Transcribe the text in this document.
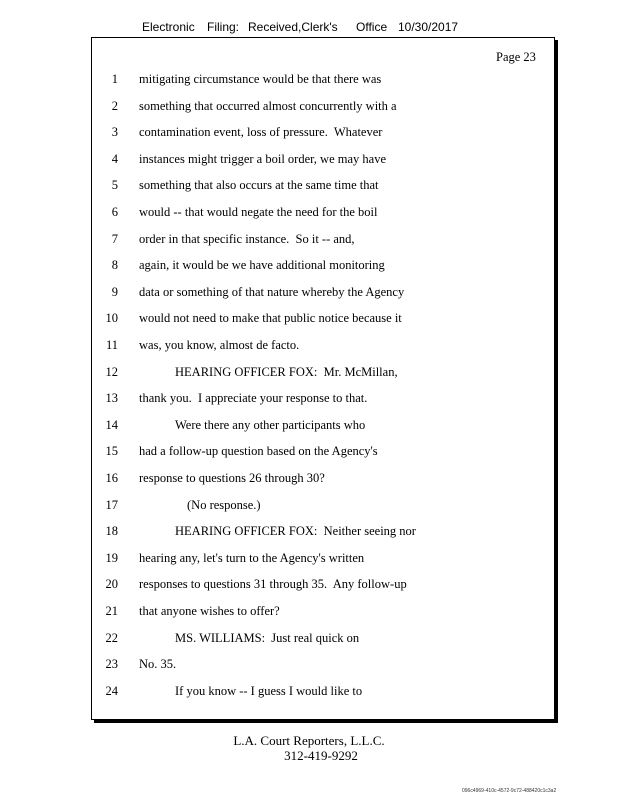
Electronic

Filing:

Received,Clerk's

Office

10/30/2017

Page 23
1 mitigating circumstance would be that there was
2 something that occurred almost concurrently with a
3 contamination event, loss of pressure.  Whatever
4 instances might trigger a boil order, we may have
5 something that also occurs at the same time that
6 would -- that would negate the need for the boil
7 order in that specific instance.  So it -- and,
8 again, it would be we have additional monitoring
9 data or something of that nature whereby the Agency
10 would not need to make that public notice because it
11 was, you know, almost de facto.
12	HEARING OFFICER FOX:  Mr. McMillan,
13 thank you.  I appreciate your response to that.
14	Were there any other participants who
15 had a follow-up question based on the Agency's
16 response to questions 26 through 30?
17	(No response.)
18	HEARING OFFICER FOX:  Neither seeing nor
19 hearing any, let's turn to the Agency's written
20 responses to questions 31 through 35.  Any follow-up
21 that anyone wishes to offer?
22	MS. WILLIAMS:  Just real quick on
23 No. 35.
24	If you know -- I guess I would like to
L.A. Court Reporters, L.L.C.
312-419-9292
096c4969-410c-4572-9c72-488420c1c3a2
